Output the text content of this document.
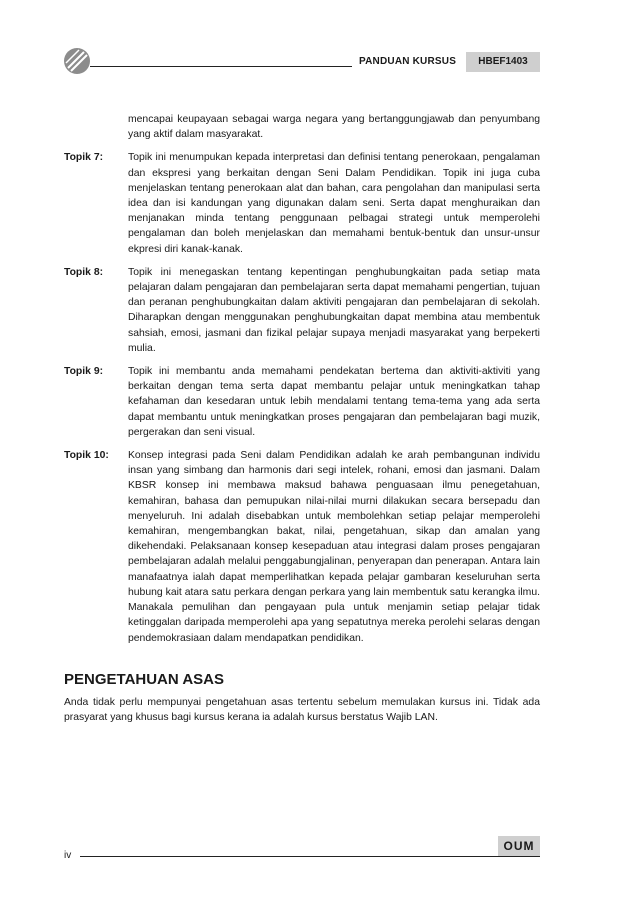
PANDUAN KURSUS	HBEF1403

mencapai keupayaan sebagai warga negara yang bertanggungjawab dan penyumbang yang aktif dalam masyarakat.

Topik 7: Topik ini menumpukan kepada interpretasi dan definisi tentang penerokaan, pengalaman dan ekspresi yang berkaitan dengan Seni Dalam Pendidikan. Topik ini juga cuba menjelaskan tentang penerokaan alat dan bahan, cara pengolahan dan manipulasi serta idea dan isi kandungan yang digunakan dalam seni. Serta dapat menghuraikan dan menjanakan minda tentang penggunaan pelbagai strategi untuk memperolehi pengalaman dan boleh menjelaskan dan memahami bentuk-bentuk dan unsur-unsur ekpresi diri kanak-kanak.

Topik 8: Topik ini menegaskan tentang kepentingan penghubungkaitan pada setiap mata pelajaran dalam pengajaran dan pembelajaran serta dapat memahami pengertian, tujuan dan peranan penghubungkaitan dalam aktiviti pengajaran dan pembelajaran di sekolah. Diharapkan dengan menggunakan penghubungkaitan dapat membina atau membentuk sahsiah, emosi, jasmani dan fizikal pelajar supaya menjadi masyarakat yang berpekerti mulia.

Topik 9: Topik ini membantu anda memahami pendekatan bertema dan aktiviti-aktiviti yang berkaitan dengan tema serta dapat membantu pelajar untuk meningkatkan tahap kefahaman dan kesedaran untuk lebih mendalami tentang tema-tema yang ada serta dapat membantu untuk meningkatkan proses pengajaran dan pembelajaran bagi muzik, pergerakan dan seni visual.

Topik 10: Konsep integrasi pada Seni dalam Pendidikan adalah ke arah pembangunan individu insan yang simbang dan harmonis dari segi intelek, rohani, emosi dan jasmani. Dalam KBSR konsep ini membawa maksud bahawa penguasaan ilmu penegetahuan, kemahiran, bahasa dan pemupukan nilai-nilai murni dilakukan secara bersepadu dan menyeluruh. Ini adalah disebabkan untuk membolehkan setiap pelajar memperolehi kemahiran, mengembangkan bakat, nilai, pengetahuan, sikap dan amalan yang dikehendaki. Pelaksanaan konsep kesepaduan atau integrasi dalam proses pengajaran pembelajaran adalah melalui penggabungjalinan, penyerapan dan penerapan. Antara lain manafaatnya ialah dapat memperlihatkan kepada pelajar gambaran keseluruhan serta hubung kait atara satu perkara dengan perkara yang lain membentuk satu kerangka ilmu. Manakala pemulihan dan pengayaan pula untuk menjamin setiap pelajar tidak ketinggalan daripada memperolehi apa yang sepatutnya mereka perolehi selaras dengan pendemokrasiaan dalam mendapatkan pendidikan.

PENGETAHUAN ASAS

Anda tidak perlu mempunyai pengetahuan asas tertentu sebelum memulakan kursus ini. Tidak ada prasyarat yang khusus bagi kursus kerana ia adalah kursus berstatus Wajib LAN.

OUM
iv
